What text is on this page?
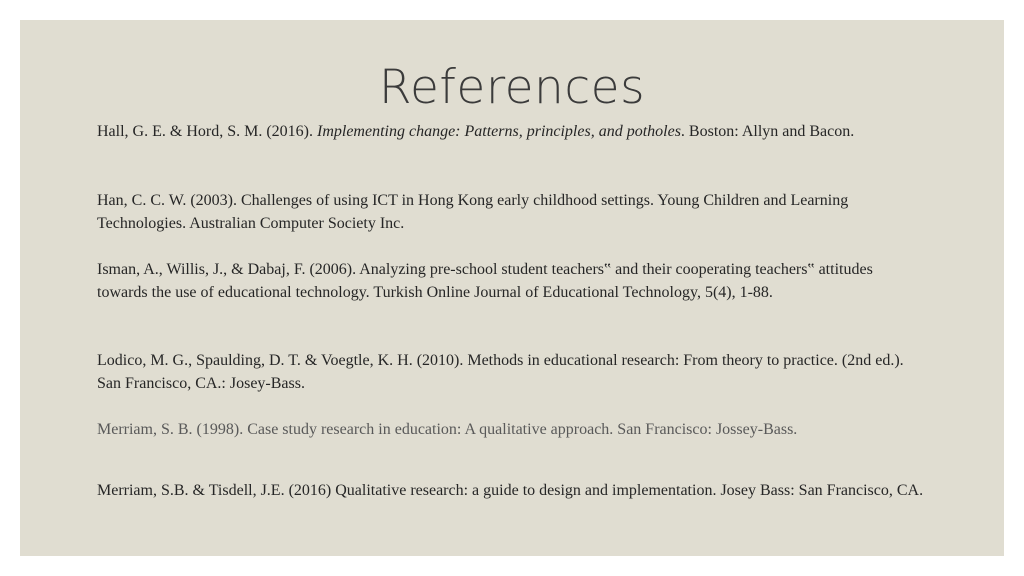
References

Hall, G. E. & Hord, S. M. (2016). Implementing change: Patterns, principles, and potholes. Boston: Allyn and Bacon.

Han, C. C. W. (2003). Challenges of using ICT in Hong Kong early childhood settings. Young Children and Learning Technologies. Australian Computer Society Inc.

Isman, A., Willis, J., & Dabaj, F. (2006). Analyzing pre-school student teachers‟ and their cooperating teachers‟ attitudes towards the use of educational technology. Turkish Online Journal of Educational Technology, 5(4), 1-88.

Lodico, M. G., Spaulding, D. T. & Voegtle, K. H. (2010). Methods in educational research: From theory to practice. (2nd ed.). San Francisco, CA.: Josey-Bass.

Merriam, S. B. (1998). Case study research in education: A qualitative approach. San Francisco: Jossey-Bass.

Merriam, S.B. & Tisdell, J.E. (2016) Qualitative research: a guide to design and implementation. Josey Bass: San Francisco, CA.
